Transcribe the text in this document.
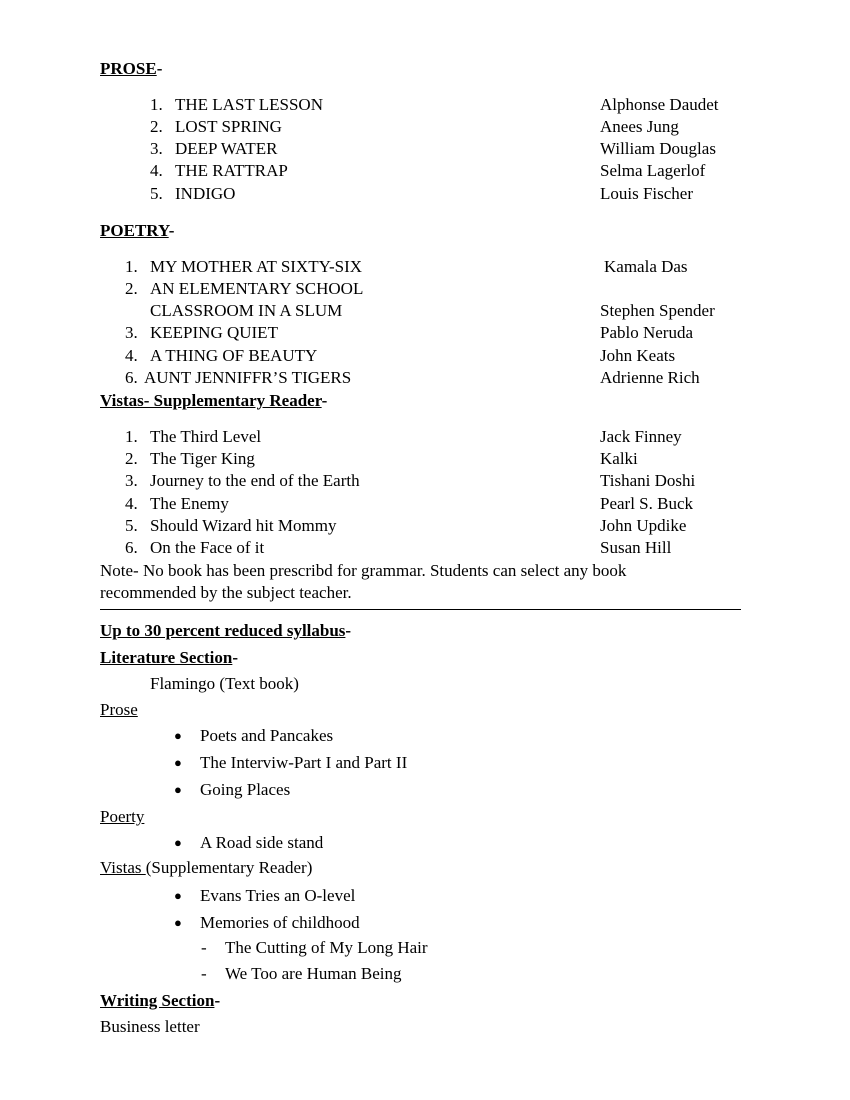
PROSE-
1. THE LAST LESSON	Alphonse Daudet
2. LOST SPRING	Anees Jung
3. DEEP WATER	William Douglas
4. THE RATTRAP	Selma Lagerlof
5. INDIGO	Louis Fischer
POETRY-
1. MY MOTHER AT SIXTY-SIX	Kamala Das
2. AN ELEMENTARY SCHOOL
CLASSROOM IN A SLUM	Stephen Spender
3. KEEPING QUIET	Pablo Neruda
4. A THING OF BEAUTY	John Keats
6. AUNT JENNIFFR’S TIGERS	Adrienne Rich
Vistas- Supplementary Reader-
1. The Third Level	Jack Finney
2. The Tiger King	Kalki
3. Journey to the end of the Earth	Tishani Doshi
4. The Enemy	Pearl S. Buck
5. Should Wizard hit Mommy	John Updike
6. On the Face of it	Susan Hill
Note- No book has been prescribd for grammar. Students can select any book
recommended by the subject teacher.
Up to 30 percent reduced syllabus-
Literature Section-
Flamingo (Text book)
Prose
● Poets and Pancakes
● The Interviw-Part I and Part II
● Going Places
Poerty
● A Road side stand
Vistas (Supplementary Reader)
● Evans Tries an O-level
● Memories of childhood
- The Cutting of My Long Hair
- We Too are Human Being
Writing Section-
Business letter
